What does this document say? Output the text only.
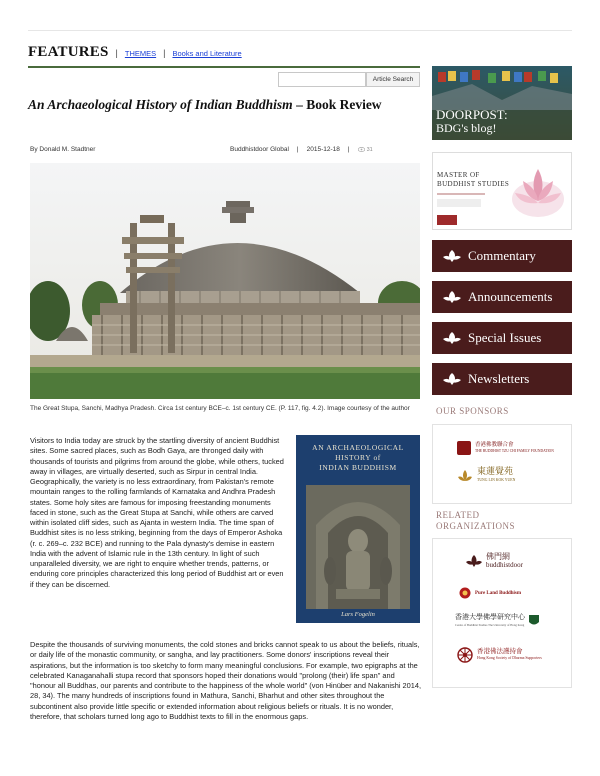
FEATURES | THEMES | Books and Literature
Article Search
An Archaeological History of Indian Buddhism – Book Review
By Donald M. Stadtner	Buddhistdoor Global | 2015-12-18 |	31
The Great Stupa, Sanchi, Madhya Pradesh. Circa 1st century BCE–c. 1st century CE. (P. 117, fig. 4.2). Image courtesy of the author
Visitors to India today are struck by the startling diversity of ancient Buddhist sites. Some sacred places, such as Bodh Gaya, are thronged daily with thousands of tourists and pilgrims from around the globe, while others, tucked away in villages, are virtually deserted, such as Sirpur in central India. Geographically, the variety is no less extraordinary, from Pakistan's remote mountain ranges to the rolling farmlands of Karnataka and Andhra Pradesh states. Some holy sites are famous for imposing freestanding monuments faced in stone, such as the Great Stupa at Sanchi, while others are carved within isolated cliff sides, such as Ajanta in western India. The time span of Buddhist sites is no less striking, beginning from the days of Emperor Ashoka (r. c. 269–c. 232 BCE) and running to the Pala dynasty's demise in eastern India with the advent of Islamic rule in the 13th century. In light of such unparalleled diversity, we are right to enquire whether trends, patterns, or enduring core principles characterized this long period of Buddhist art or even if they can be discerned.
AN ARCHAEOLOGICAL
HISTORY of
INDIAN BUDDHISM
Lars Fogelin
Despite the thousands of surviving monuments, the cold stones and bricks cannot speak to us about the beliefs, rituals, or daily life of the monastic community, or sangha, and lay practitioners. Some donors' inscriptions reveal their aspirations, but the information is too sketchy to form many meaningful conclusions. For example, two epigraphs at the celebrated Kanaganahalli stupa record that sponsors hoped their donations would "prolong (their) life span" and "honour all Buddhas, our parents and contribute to the happiness of the whole world" (von Hinüber and Nakanishi 2014, 28, 34). The many hundreds of inscriptions found in Mathura, Sanchi, Bharhut and other sites throughout the subcontinent also provide little specific or extended information about religious beliefs or rituals. It is no wonder, therefore, that scholars turned long ago to Buddhist texts to fill in the enormous gaps.
DOORPOST:
BDG's blog!
MASTER OF
BUDDHIST STUDIES
Commentary
Announcements
Special Issues
Newsletters
OUR SPONSORS
香港佛教聯合會
THE BUDDHIST TZU CHI FAMILY FOUNDATION
東蓮覺苑
TUNG LIN KOK YUEN
RELATED
ORGANIZATIONS
佛門網
buddhistdoor
Pure Land Buddhism
香港大學佛學研究中心
Centre of Buddhist Studies The University of Hong Kong
香港佛法護持會
Hong Kong Society of Dharma Supporters
